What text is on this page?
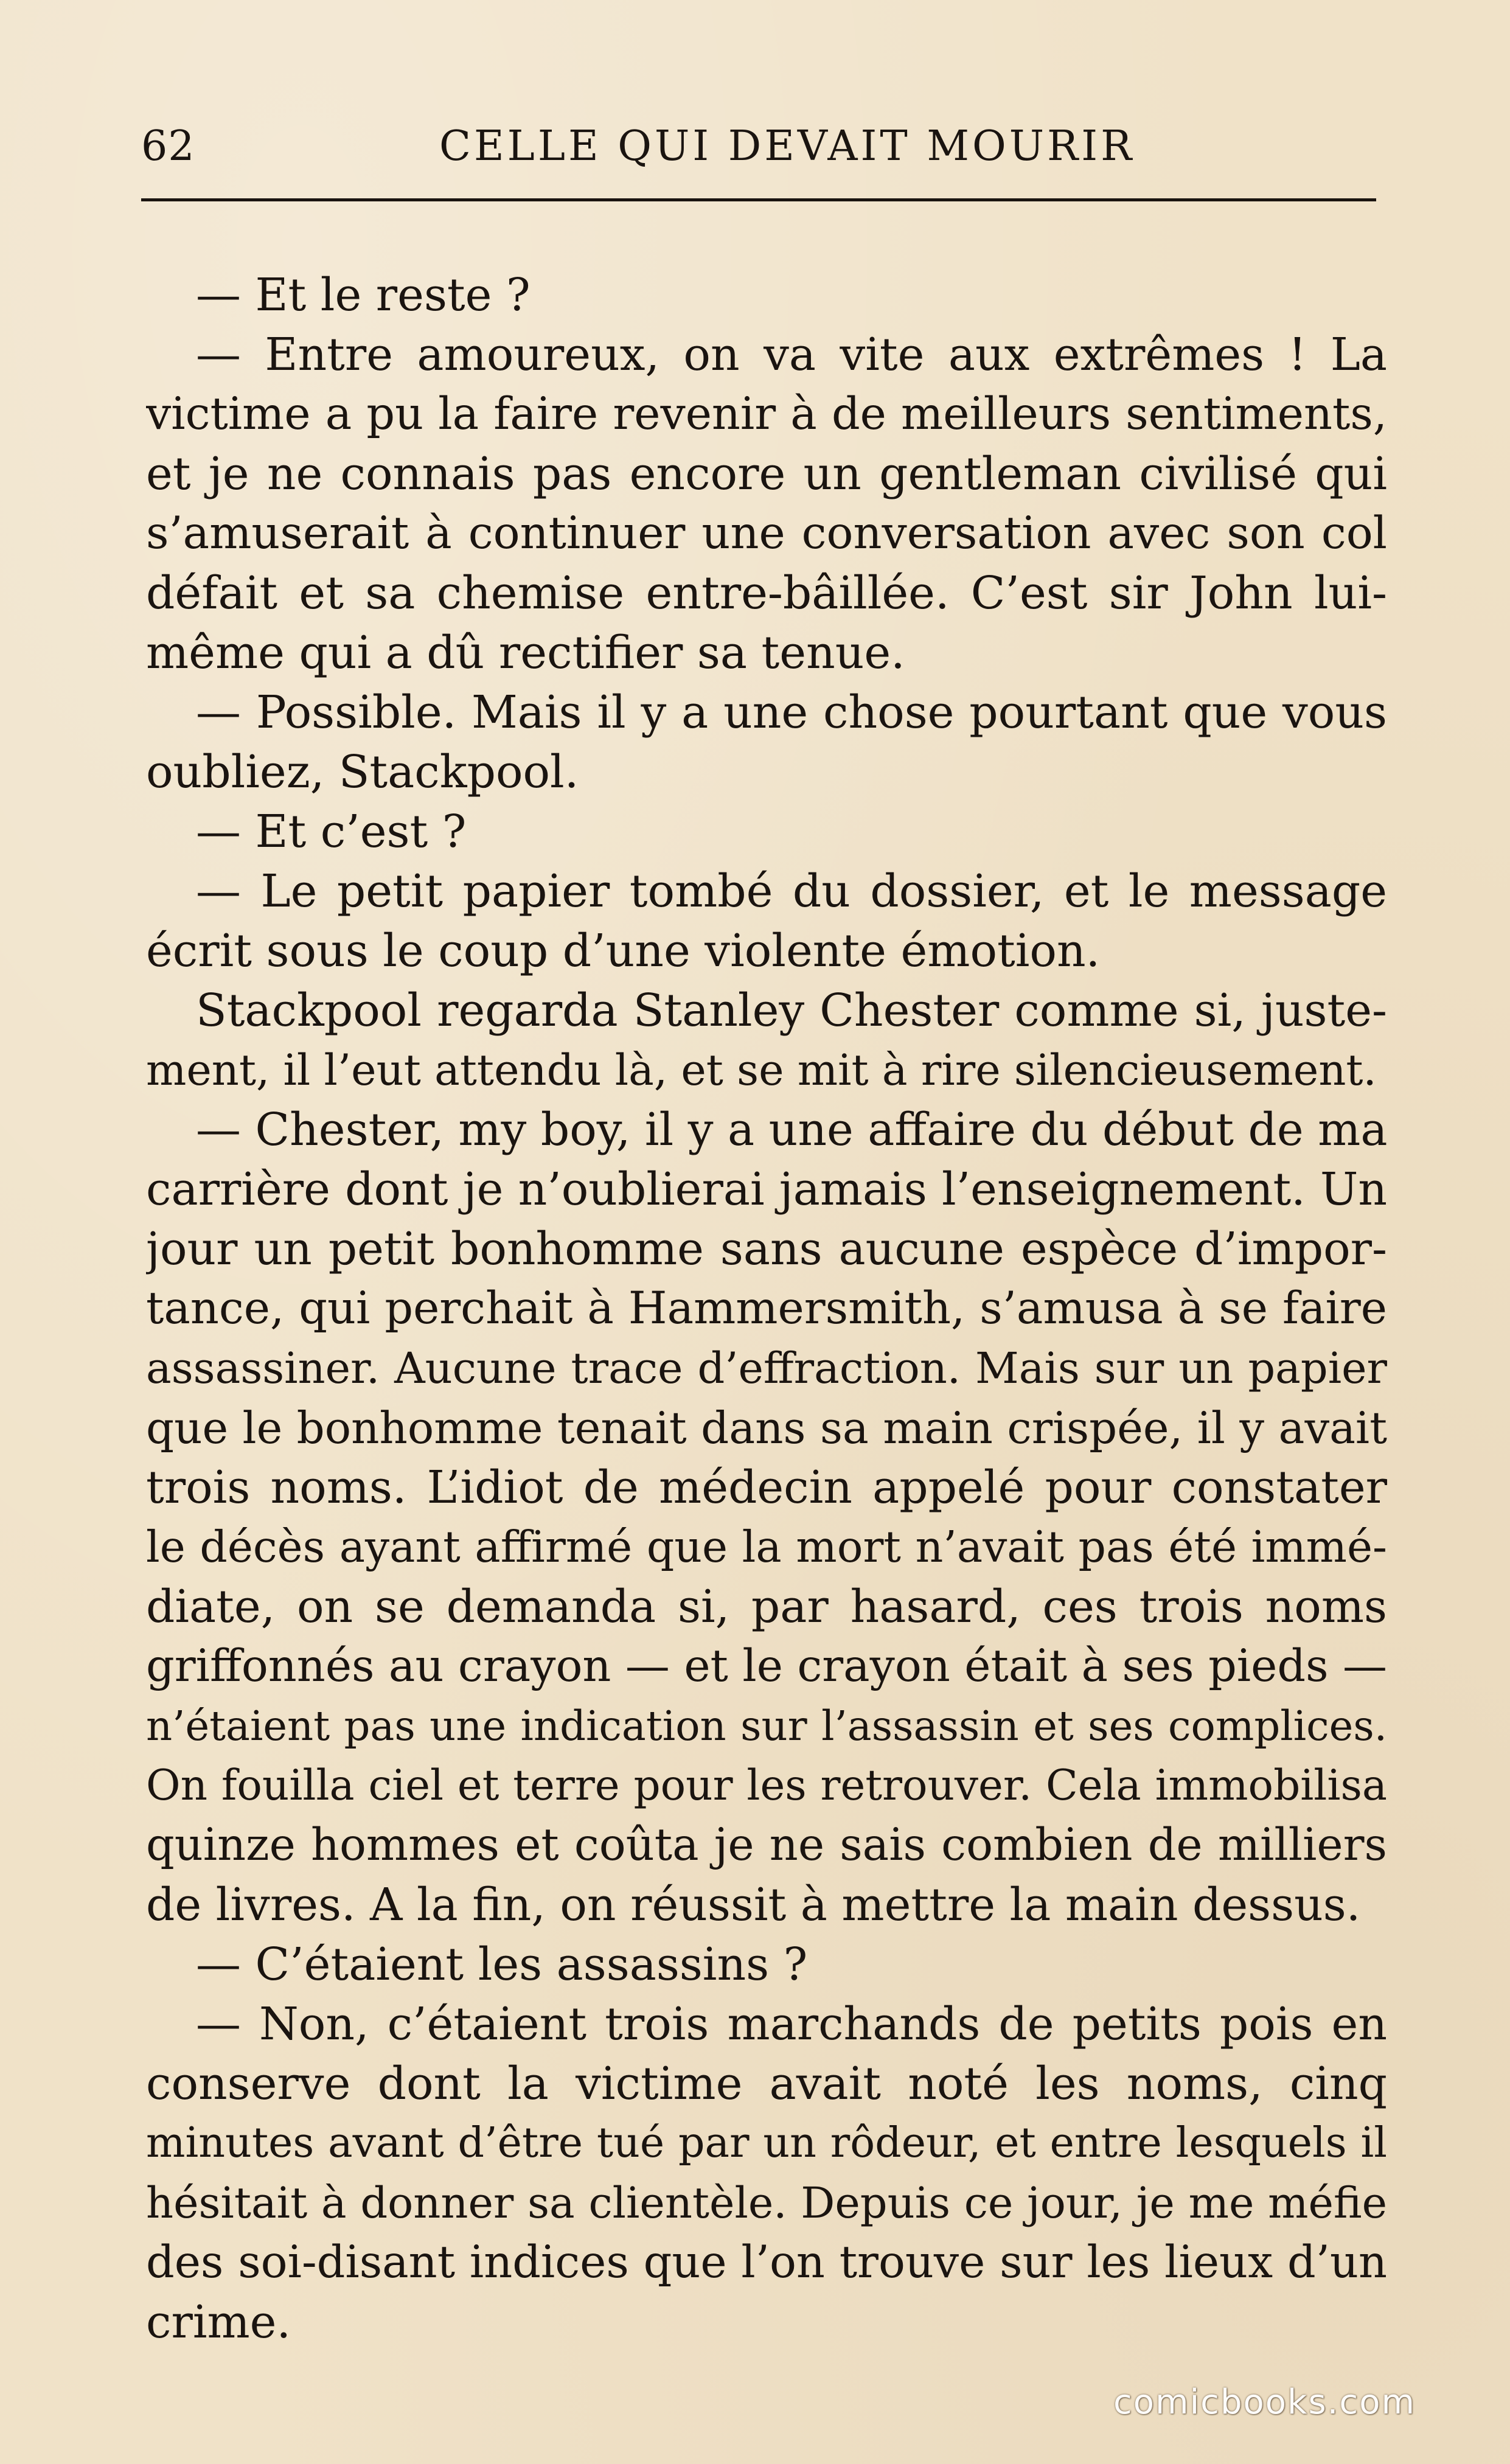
62	CELLE QUI DEVAIT MOURIR
— Et le reste ?
— Entre amoureux, on va vite aux extrêmes ! La
victime a pu la faire revenir à de meilleurs sentiments,
et je ne connais pas encore un gentleman civilisé qui
s’amuserait à continuer une conversation avec son col
défait et sa chemise entre-bâillée. C’est sir John lui-
même qui a dû rectifier sa tenue.
— Possible. Mais il y a une chose pourtant que vous
oubliez, Stackpool.
— Et c’est ?
— Le petit papier tombé du dossier, et le message
écrit sous le coup d’une violente émotion.
Stackpool regarda Stanley Chester comme si, juste-
ment, il l’eut attendu là, et se mit à rire silencieusement.
— Chester, my boy, il y a une affaire du début de ma
carrière dont je n’oublierai jamais l’enseignement. Un
jour un petit bonhomme sans aucune espèce d’impor-
tance, qui perchait à Hammersmith, s’amusa à se faire
assassiner. Aucune trace d’effraction. Mais sur un papier
que le bonhomme tenait dans sa main crispée, il y avait
trois noms. L’idiot de médecin appelé pour constater
le décès ayant affirmé que la mort n’avait pas été immé-
diate, on se demanda si, par hasard, ces trois noms
griffonnés au crayon — et le crayon était à ses pieds —
n’étaient pas une indication sur l’assassin et ses complices.
On fouilla ciel et terre pour les retrouver. Cela immobilisa
quinze hommes et coûta je ne sais combien de milliers
de livres. A la fin, on réussit à mettre la main dessus.
— C’étaient les assassins ?
— Non, c’étaient trois marchands de petits pois en
conserve dont la victime avait noté les noms, cinq
minutes avant d’être tué par un rôdeur, et entre lesquels il
hésitait à donner sa clientèle. Depuis ce jour, je me méfie
des soi-disant indices que l’on trouve sur les lieux d’un
crime.
comicbooks.com
